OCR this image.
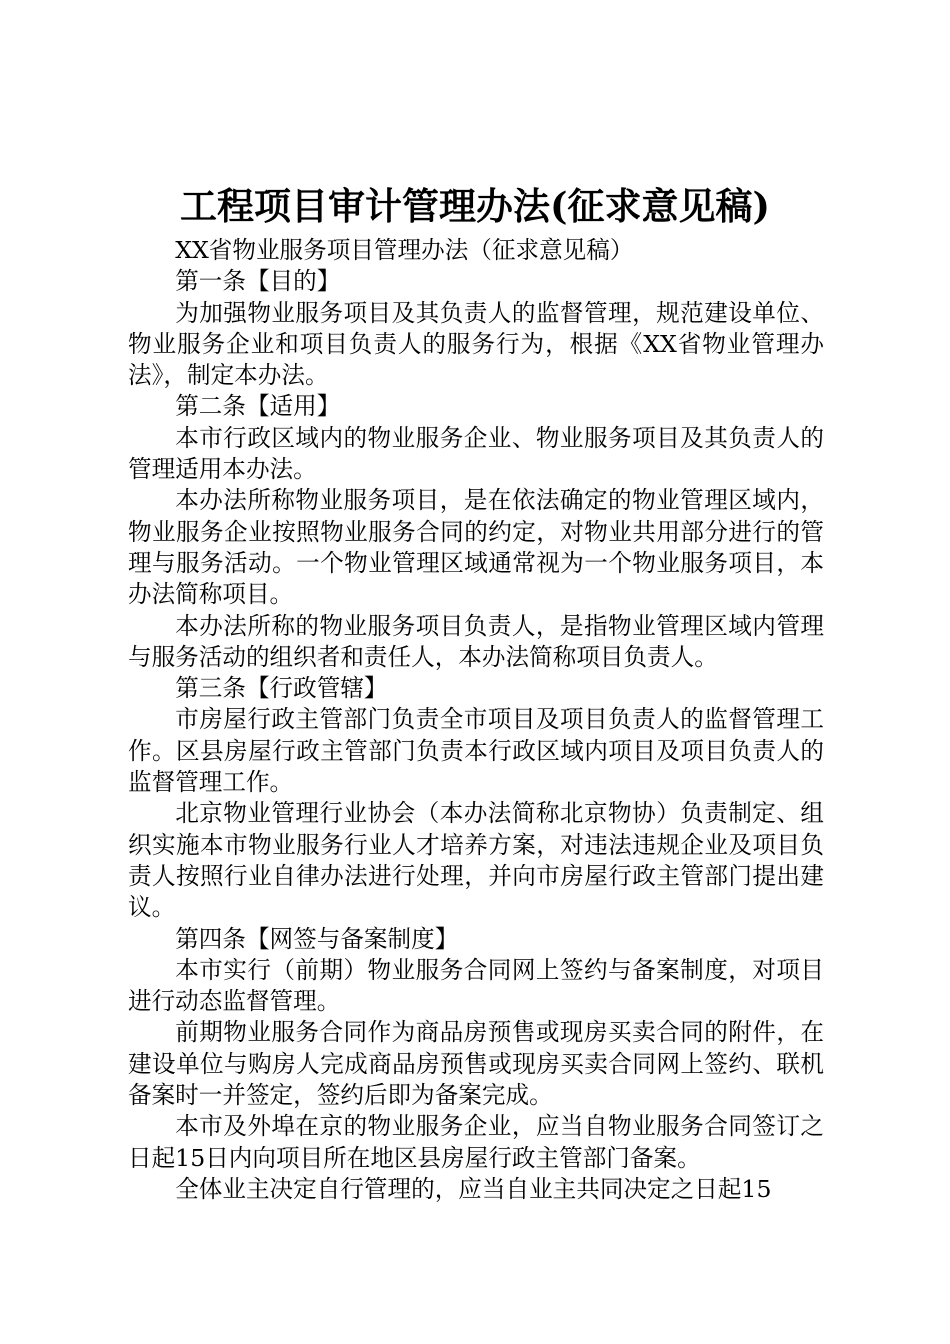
工程项目审计管理办法(征求意见稿)

XX省物业服务项目管理办法（征求意见稿）

第一条【目的】

为加强物业服务项目及其负责人的监督管理，规范建设单位、物业服务企业和项目负责人的服务行为，根据《XX省物业管理办法》，制定本办法。

第二条【适用】

本市行政区域内的物业服务企业、物业服务项目及其负责人的管理适用本办法。

本办法所称物业服务项目，是在依法确定的物业管理区域内，物业服务企业按照物业服务合同的约定，对物业共用部分进行的管理与服务活动。一个物业管理区域通常视为一个物业服务项目，本办法简称项目。

本办法所称的物业服务项目负责人，是指物业管理区域内管理与服务活动的组织者和责任人，本办法简称项目负责人。

第三条【行政管辖】

市房屋行政主管部门负责全市项目及项目负责人的监督管理工作。区县房屋行政主管部门负责本行政区域内项目及项目负责人的监督管理工作。

北京物业管理行业协会（本办法简称北京物协）负责制定、组织实施本市物业服务行业人才培养方案，对违法违规企业及项目负责人按照行业自律办法进行处理，并向市房屋行政主管部门提出建议。

第四条【网签与备案制度】

本市实行（前期）物业服务合同网上签约与备案制度，对项目进行动态监督管理。

前期物业服务合同作为商品房预售或现房买卖合同的附件，在建设单位与购房人完成商品房预售或现房买卖合同网上签约、联机备案时一并签定，签约后即为备案完成。

本市及外埠在京的物业服务企业，应当自物业服务合同签订之日起15日内向项目所在地区县房屋行政主管部门备案。

全体业主决定自行管理的，应当自业主共同决定之日起15
